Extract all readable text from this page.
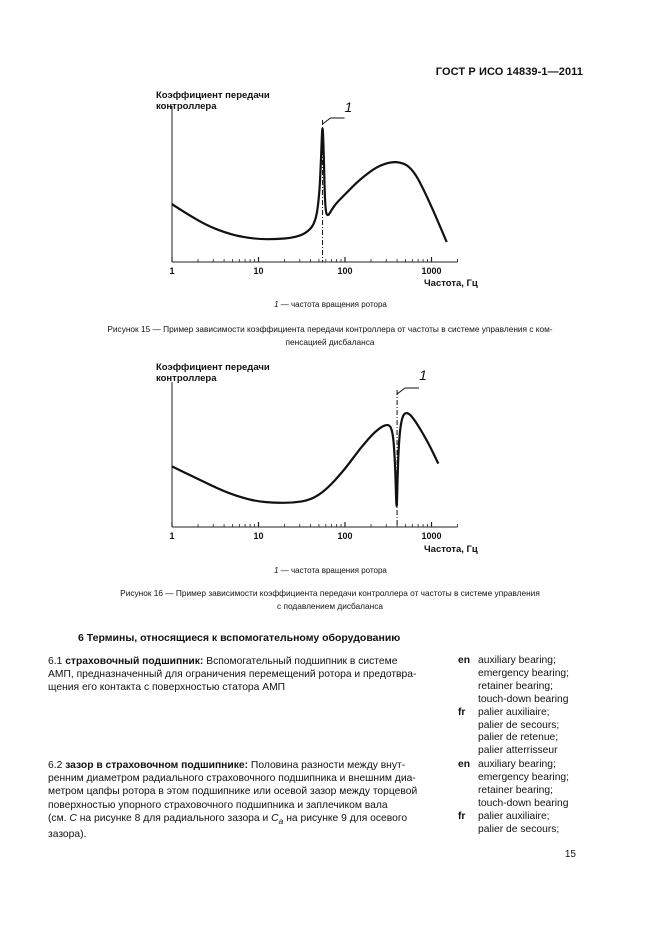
ГОСТ Р ИСО 14839-1—2011
1	10	100	1000
1
Коэффициент передачи
контроллера
Частота, Гц
1 — частота вращения ротора
Рисунок 15 — Пример зависимости коэффициента передачи контроллера от частоты в системе управления с ком-
пенсацией дисбаланса
1	10	100	1000
1
Коэффициент передачи
контроллера
Частота, Гц
1 — частота вращения ротора
Рисунок 16 — Пример зависимости коэффициента передачи контроллера от частоты в системе управления
с подавлением дисбаланса
6 Термины, относящиеся к вспомогательному оборудованию
6.1 страховочный подшипник: Вспомогательный подшипник в системе
АМП, предназначенный для ограничения перемещений ротора и предотвра-
щения его контакта с поверхностью статора АМП
en auxiliary bearing;
emergency bearing;
retainer bearing;
touch-down bearing
fr	palier auxiliaire;
palier de secours;
palier de retenue;
palier atterrisseur
6.2 зазор в страховочном подшипнике: Половина разности между внут-
ренним диаметром радиального страховочного подшипника и внешним диа-
метром цапфы ротора в этом подшипнике или осевой зазор между торцевой
поверхностью упорного страховочного подшипника и заплечиком вала
(см. C на рисунке 8 для радиального зазора и $C_a$ на рисунке 9 для осевого
зазора).
en auxiliary bearing;
emergency bearing;
retainer bearing;
touch-down bearing
fr	palier auxiliaire;
palier de secours;
15
